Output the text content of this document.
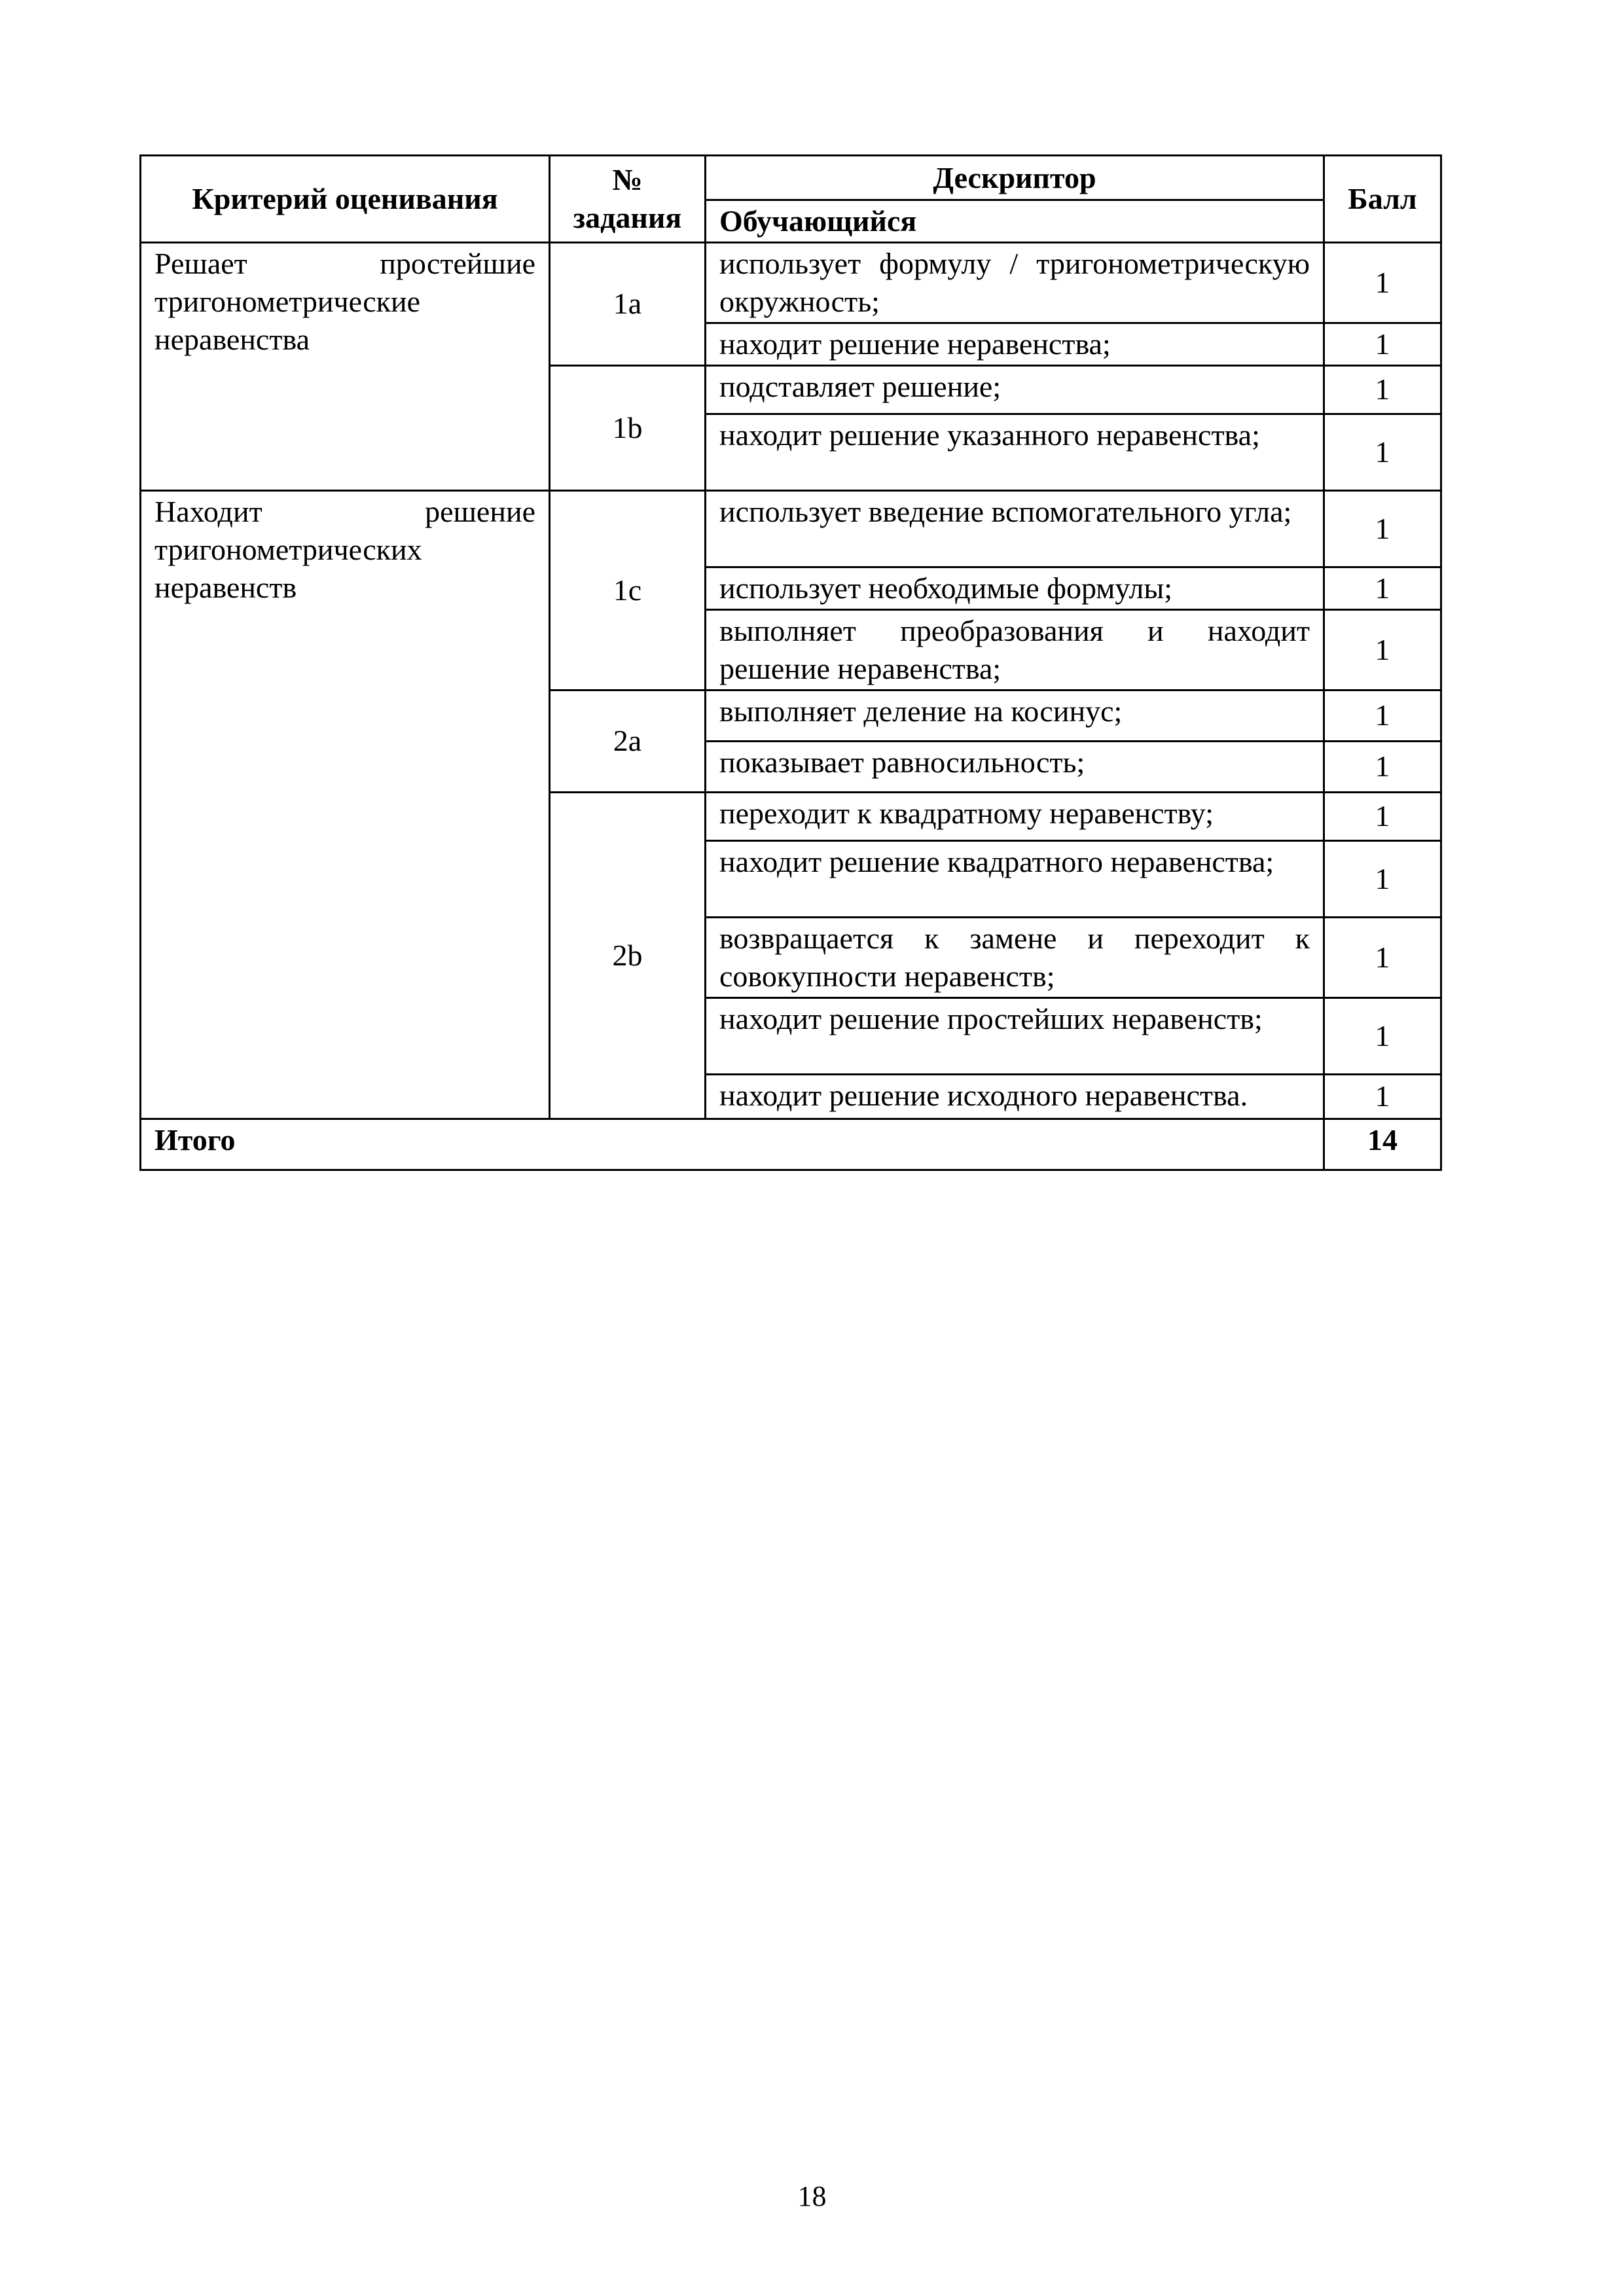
Критерий оценивания	№ задания	Дескриптор	Балл
		Обучающийся	
Решает простейшие тригонометрические неравенства	1a	использует формулу / тригонометрическую окружность;	1
		находит решение неравенства;	1
	1b	подставляет решение;	1
		находит решение указанного неравенства;	1
Находит решение тригонометрических неравенств	1c	использует введение вспомогательного угла;	1
		использует необходимые формулы;	1
		выполняет преобразования и находит решение неравенства;	1
	2a	выполняет деление на косинус;	1
		показывает равносильность;	1
	2b	переходит к квадратному неравенству;	1
		находит решение квадратного неравенства;	1
		возвращается к замене и переходит к совокупности неравенств;	1
		находит решение простейших неравенств;	1
		находит решение исходного неравенства.	1
Итого			14
18
